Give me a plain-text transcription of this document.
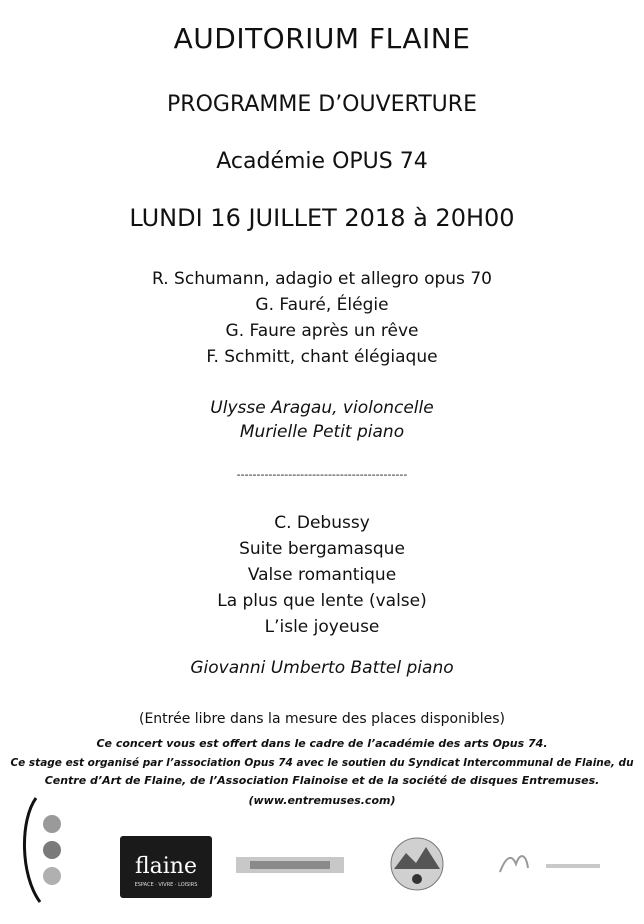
AUDITORIUM FLAINE
PROGRAMME D’OUVERTURE
Académie OPUS 74
LUNDI 16 JUILLET 2018 à 20H00
R. Schumann, adagio et allegro opus 70
G. Fauré, Élégie
G. Faure après un rêve
F. Schmitt, chant élégiaque
Ulysse Aragau, violoncelle
Murielle Petit piano
-------------------------------------------
C. Debussy
Suite bergamasque
Valse romantique
La plus que lente (valse)
L’isle joyeuse
Giovanni Umberto Battel piano
(Entrée libre dans la mesure des places disponibles)
Ce concert vous est offert dans le cadre de l’académie des arts Opus 74.
Ce stage est organisé par l’association Opus 74 avec le soutien du Syndicat Intercommunal de Flaine, du
Centre d’Art de Flaine, de l’Association Flainoise et de la société de disques Entremuses.
(www.entremuses.com)
flaine
ESPACE · VIVRE · LOISIRS
